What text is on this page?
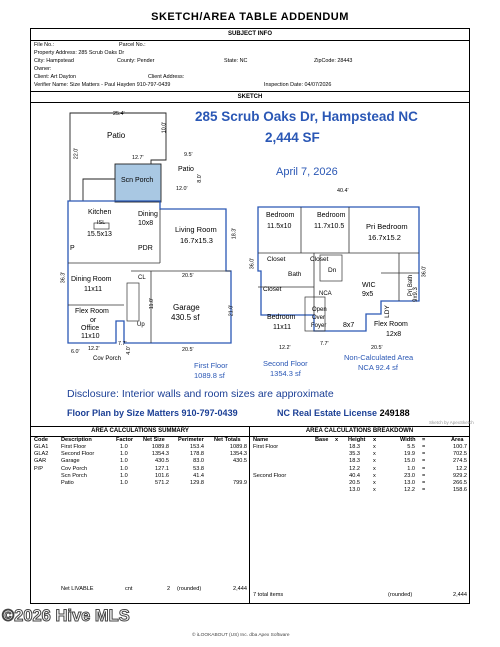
SKETCH/AREA TABLE ADDENDUM
SUBJECT INFO
File No.:	Parcel No.:
Property Address: 285 Scrub Oaks Dr
City: Hampstead	County: Pender	State: NC	ZipCode: 28443
Owner:
Client: Art Dayton	Client Address:
Verifier Name: Size Matters - Paul Hayden 910-797-0439	Inspection Date: 04/07/2026
SKETCH
285 Scrub Oaks Dr, Hampstead NC
2,444 SF
April 7, 2026
Patio
Scn Porch
Patio
Kitchen
ISL
15.5x13
Dining
10x8
Living Room
16.7x15.3
P	PDR
Dining Room
11x11
CL
Flex Room
or
Office
11x10
Up
Garage
430.5 sf
Cov Porch
25.4'
22.0'
10.0'
12.7'	9.5'
8.0'
12.0'
36.3'
18.3'
20.5'
21.0'
11.0'
6.0' 12.2'
7.7'
4.0'	20.5'
First Floor
1089.8 sf
40.4'
Bedroom
11.5x10
Bedroom
11.7x10.5	Pri Bedroom
16.7x15.2
36.0' Closet	Closet
Dn
Bath
Closet
NCA
Open
Over
Foyer
Bedroom
11x11	8x7
WIC
9x5
LDY
Pri Bath
9x9.3
36.0'
Flex Room
12x8
12.2'
7.7'
20.5'
Second Floor
1354.3 sf
Non-Calculated Area
NCA 92.4 sf
Disclosure: Interior walls and room sizes are approximate
Floor Plan by Size Matters 910-797-0439	NC Real Estate License 249188
Sketch by ApexSketch
AREA CALCULATIONS SUMMARY
Code Description	Factor Net Size Perimeter Net Totals
GLA1 First Floor	1.0	1089.8	153.4	1089.8
GLA2 Second Floor	1.0	1354.3	178.8	1354.3
GAR	Garage	1.0	430.5	83.0	430.5
P/P	Cov Porch	1.0	127.1	53.8
Scn Porch	1.0	101.6	41.4
Patio	1.0	571.2	129.8	799.9
Net LIVABLE	cnt	2 (rounded)	2,444
AREA CALCULATIONS BREAKDOWN
Name	Base x Height x	Width =	Area
First Floor	18.3 x	5.5 =	100.7
35.3 x	19.9 =	702.5
18.3 x	15.0 =	274.5
12.2 x	1.0 =	12.2
Second Floor	40.4 x	23.0 =	929.2
20.5 x	13.0 =	266.5
13.0 x	12.2 =	158.6
7 total items	(rounded)	2,444
©2026 Hive MLS
© iLOOKABOUT (US) Inc. dba Apex Software
